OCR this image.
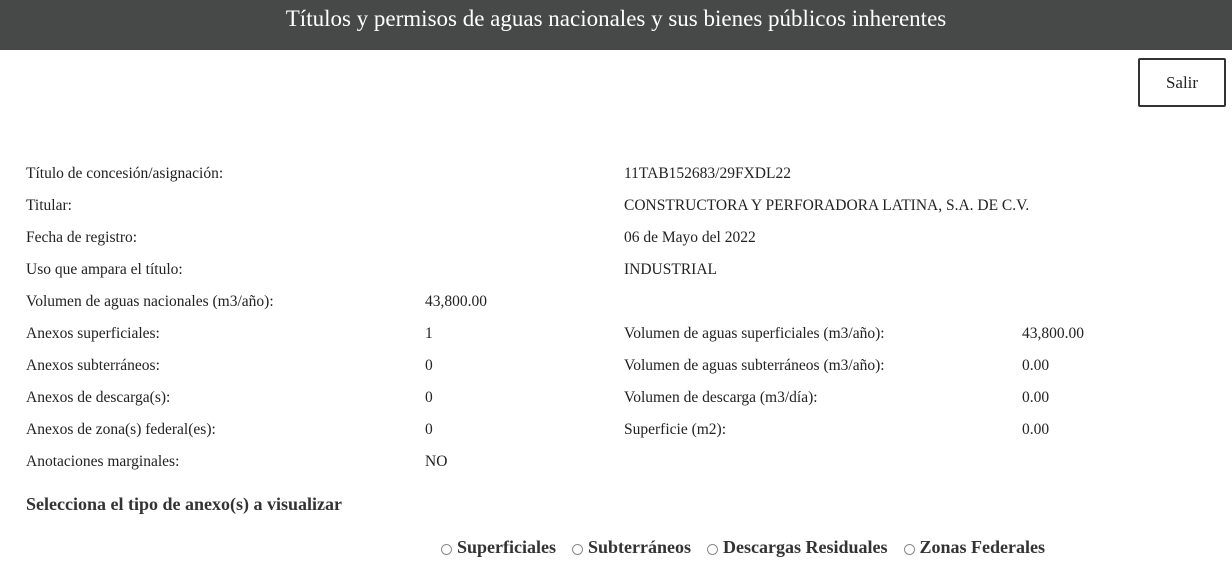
Títulos y permisos de aguas nacionales y sus bienes públicos inherentes
Salir
Título de concesión/asignación:	11TAB152683/29FXDL22
Titular:	CONSTRUCTORA Y PERFORADORA LATINA, S.A. DE C.V.
Fecha de registro:	06 de Mayo del 2022
Uso que ampara el título:	INDUSTRIAL
Volumen de aguas nacionales (m3/año):	43,800.00
Anexos superficiales:	1	Volumen de aguas superficiales (m3/año):	43,800.00
Anexos subterráneos:	0	Volumen de aguas subterráneos (m3/año):	0.00
Anexos de descarga(s):	0	Volumen de descarga (m3/día):	0.00
Anexos de zona(s) federal(es):	0	Superficie (m2):	0.00
Anotaciones marginales:	NO
Selecciona el tipo de anexo(s) a visualizar
Superficiales Subterráneos Descargas Residuales Zonas Federales
